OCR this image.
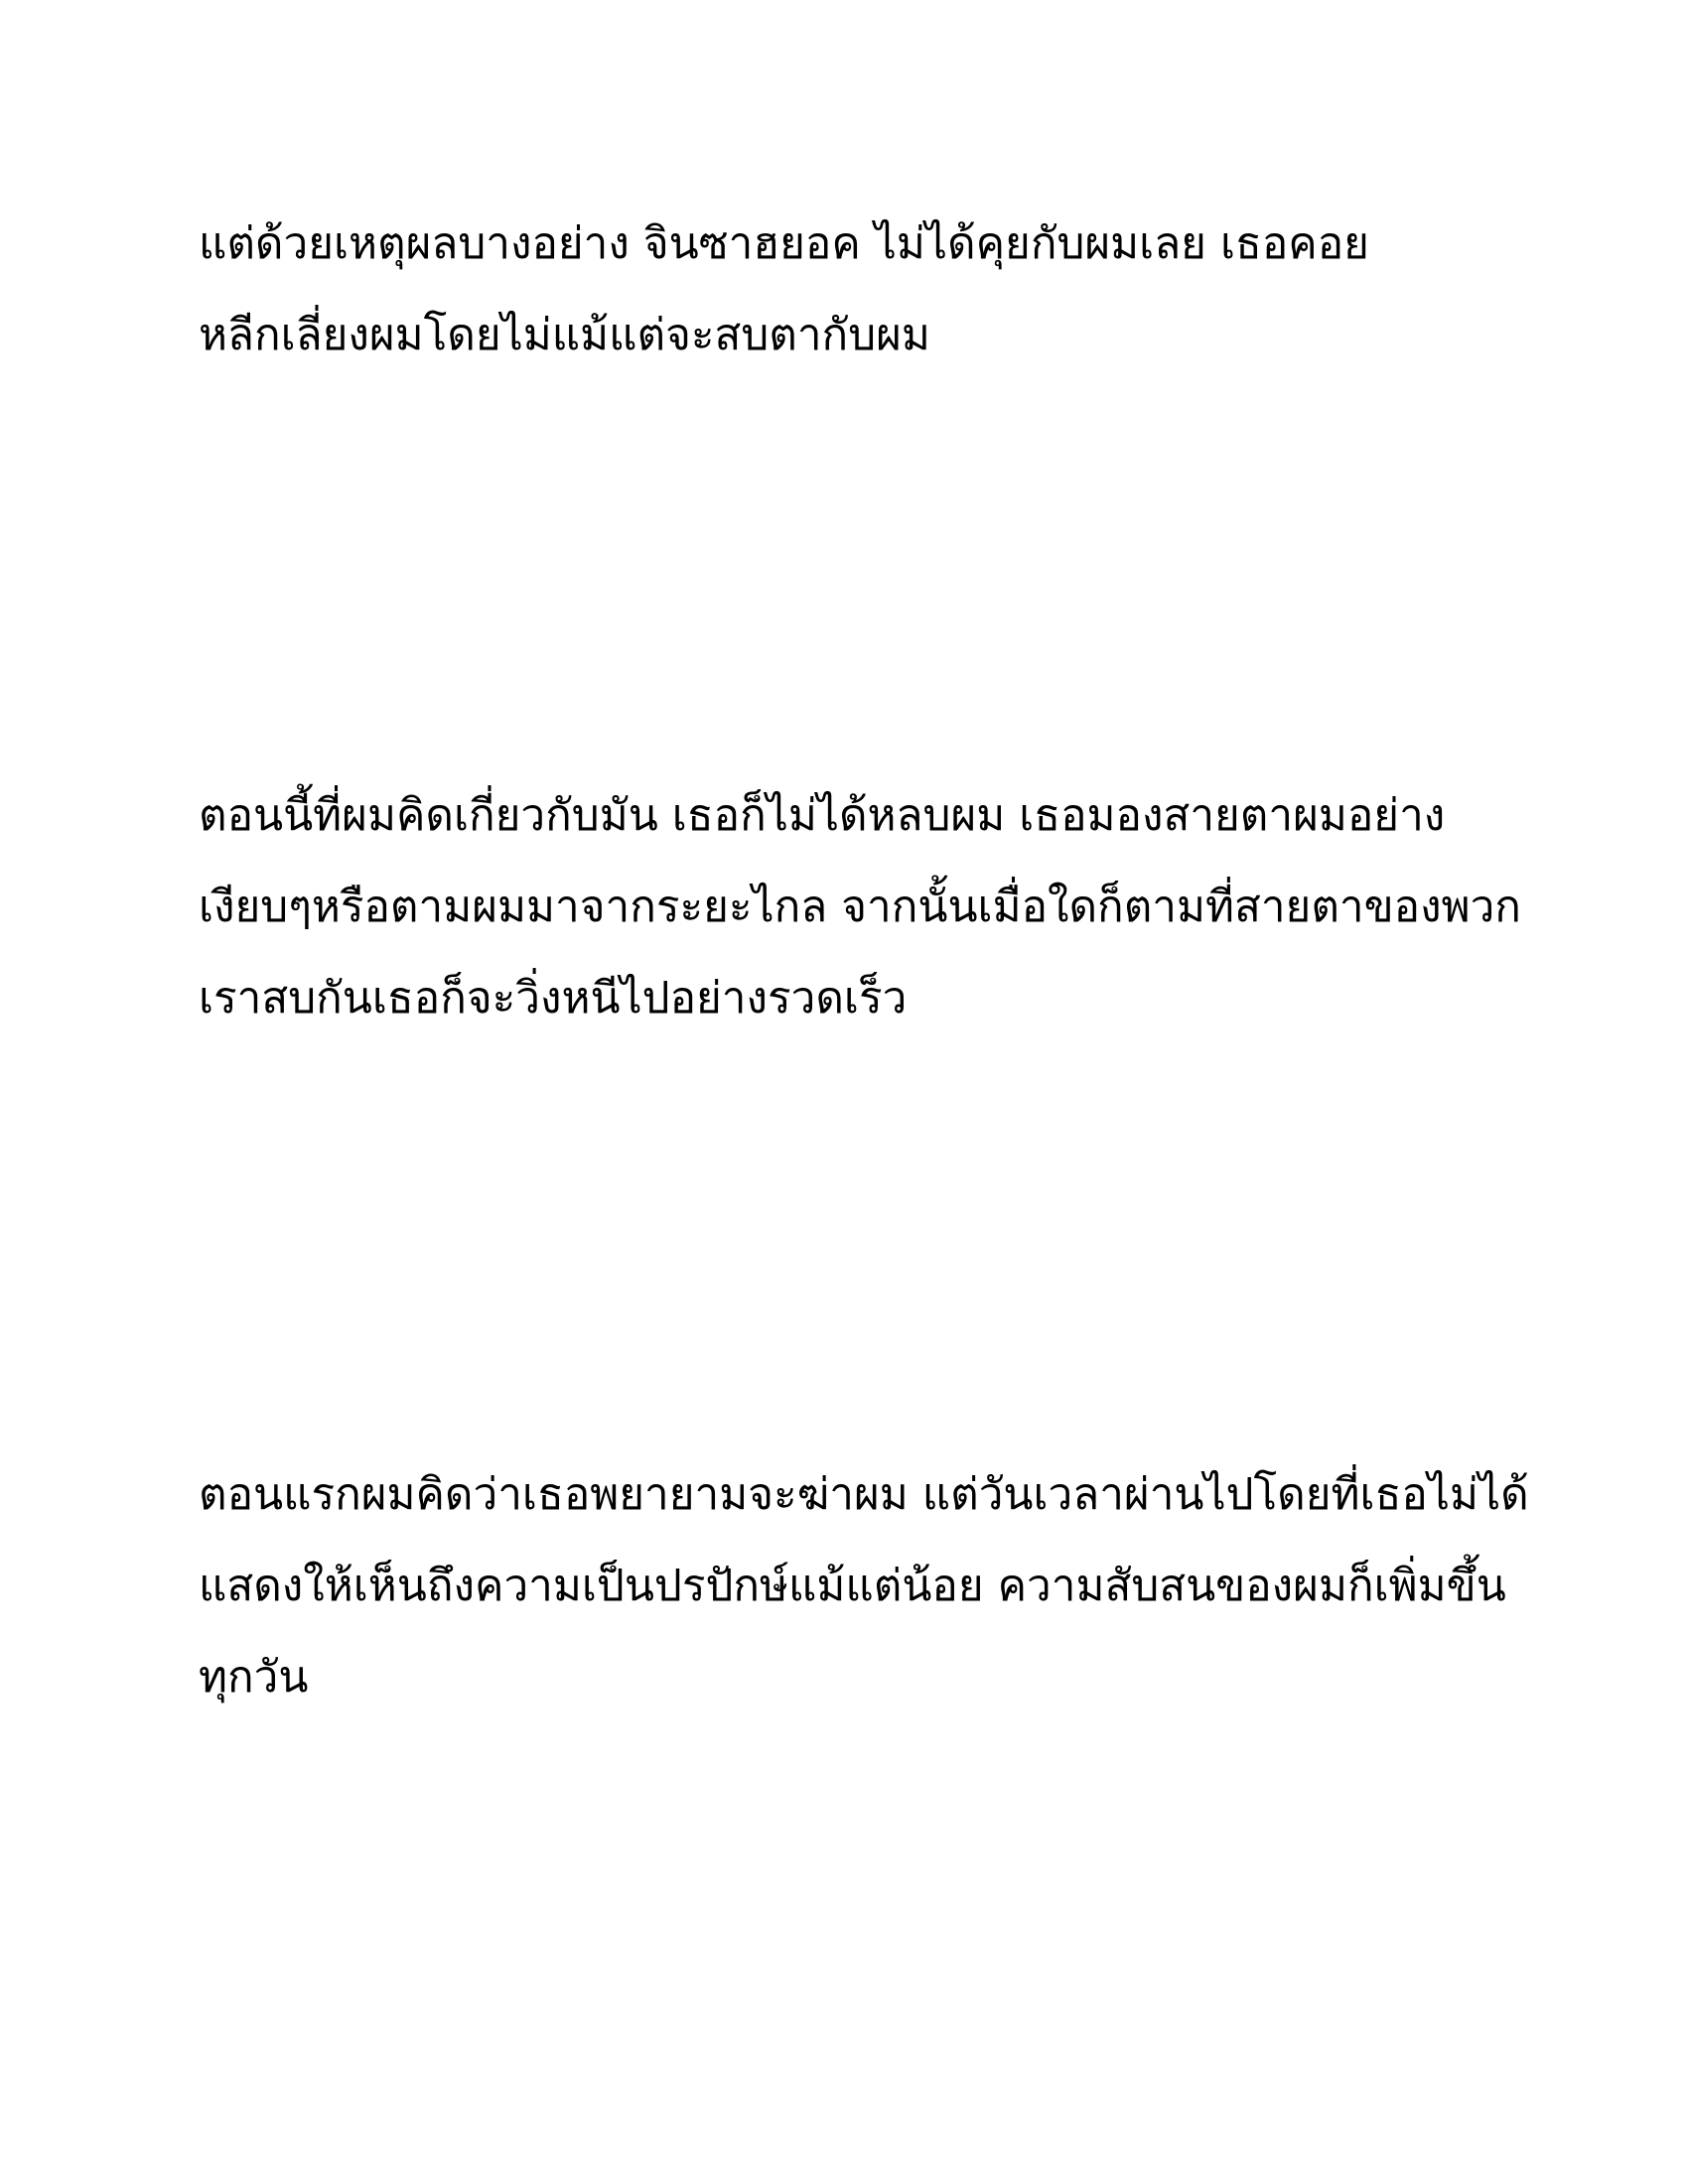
แต่ด้วยเหตุผลบางอย่าง จินซาฮยอค ไม่ได้คุยกับผมเลย เธอคอย
หลีกเลี่ยงผมโดยไม่แม้แต่จะสบตากับผม

ตอนนี้ที่ผมคิดเกี่ยวกับมัน เธอก็ไม่ได้หลบผม เธอมองสายตาผมอย่าง
เงียบๆหรือตามผมมาจากระยะไกล จากนั้นเมื่อใดก็ตามที่สายตาของพวก
เราสบกันเธอก็จะวิ่งหนีไปอย่างรวดเร็ว

ตอนแรกผมคิดว่าเธอพยายามจะฆ่าผม แต่วันเวลาผ่านไปโดยที่เธอไม่ได้
แสดงให้เห็นถึงความเป็นปรปักษ์แม้แต่น้อย ความสับสนของผมก็เพิ่มขึ้น
ทุกวัน
